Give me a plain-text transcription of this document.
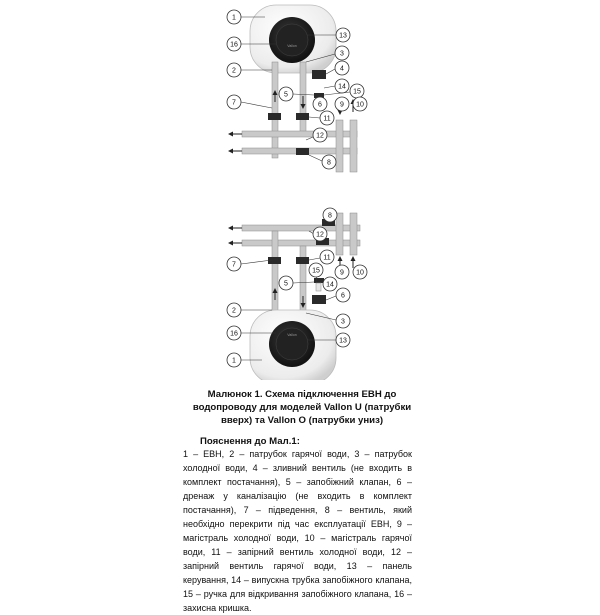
Vallon
1
16
13
2
3
4
5
14
15
7	6	9 10
11
12
8
Vallon
8
12
11
7
15	9 10
5	14
6
2
3
16
13
1

Малюнок 1. Схема підключення ЕВН до водопроводу для моделей Vallon U (патрубки вверх) та Vallon O (патрубки униз)

Пояснення до Мал.1:

1 – ЕВН, 2 – патрубок гарячої води, 3 – патрубок холодної води, 4 – зливний вентиль (не входить в комплект постачання), 5 – запобіжний клапан, 6 – дренаж у каналізацію (не входить в комплект постачання), 7 – підведення, 8 – вентиль, який необхідно перекрити під час експлуатації ЕВН, 9 – магістраль холодної води, 10 – магістраль гарячої води, 11 – запірний вентиль холодної води, 12 – запірний вентиль гарячої води, 13 – панель керування, 14 – випускна трубка запобіжного клапана, 15 – ручка для відкривання запобіжного клапана, 16 – захисна кришка.
